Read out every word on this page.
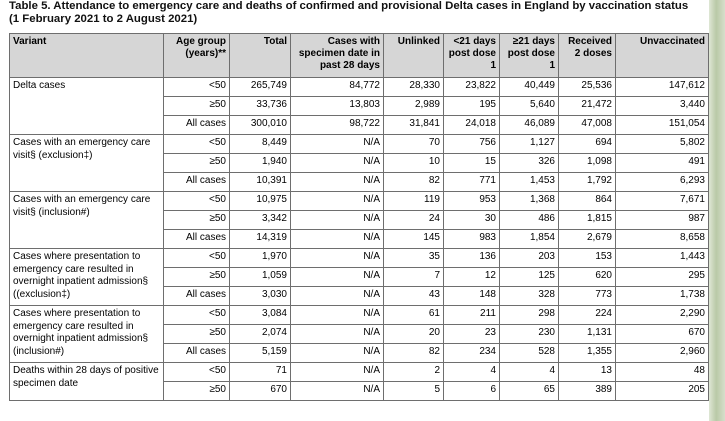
Table 5. Attendance to emergency care and deaths of confirmed and provisional Delta cases in England by vaccination status
(1 February 2021 to 2 August 2021)
Variant	Age group (years)**	Total	Cases with specimen date in past 28 days	Unlinked	<21 days post dose 1	≥21 days post dose 1	Received 2 doses	Unvaccinated
Delta cases	<50	265,749	84,772	28,330	23,822	40,449	25,536	147,612
	≥50	33,736	13,803	2,989	195	5,640	21,472	3,440
	All cases	300,010	98,722	31,841	24,018	46,089	47,008	151,054
Cases with an emergency care visit§ (exclusion‡)	<50	8,449	N/A	70	756	1,127	694	5,802
	≥50	1,940	N/A	10	15	326	1,098	491
	All cases	10,391	N/A	82	771	1,453	1,792	6,293
Cases with an emergency care visit§ (inclusion#)	<50	10,975	N/A	119	953	1,368	864	7,671
	≥50	3,342	N/A	24	30	486	1,815	987
	All cases	14,319	N/A	145	983	1,854	2,679	8,658
Cases where presentation to emergency care resulted in overnight inpatient admission§ ((exclusion‡)	<50	1,970	N/A	35	136	203	153	1,443
	≥50	1,059	N/A	7	12	125	620	295
	All cases	3,030	N/A	43	148	328	773	1,738
Cases where presentation to emergency care resulted in overnight inpatient admission§ (inclusion#)	<50	3,084	N/A	61	211	298	224	2,290
	≥50	2,074	N/A	20	23	230	1,131	670
	All cases	5,159	N/A	82	234	528	1,355	2,960
Deaths within 28 days of positive specimen date	<50	71	N/A	2	4	4	13	48
	≥50	670	N/A	5	6	65	389	205
